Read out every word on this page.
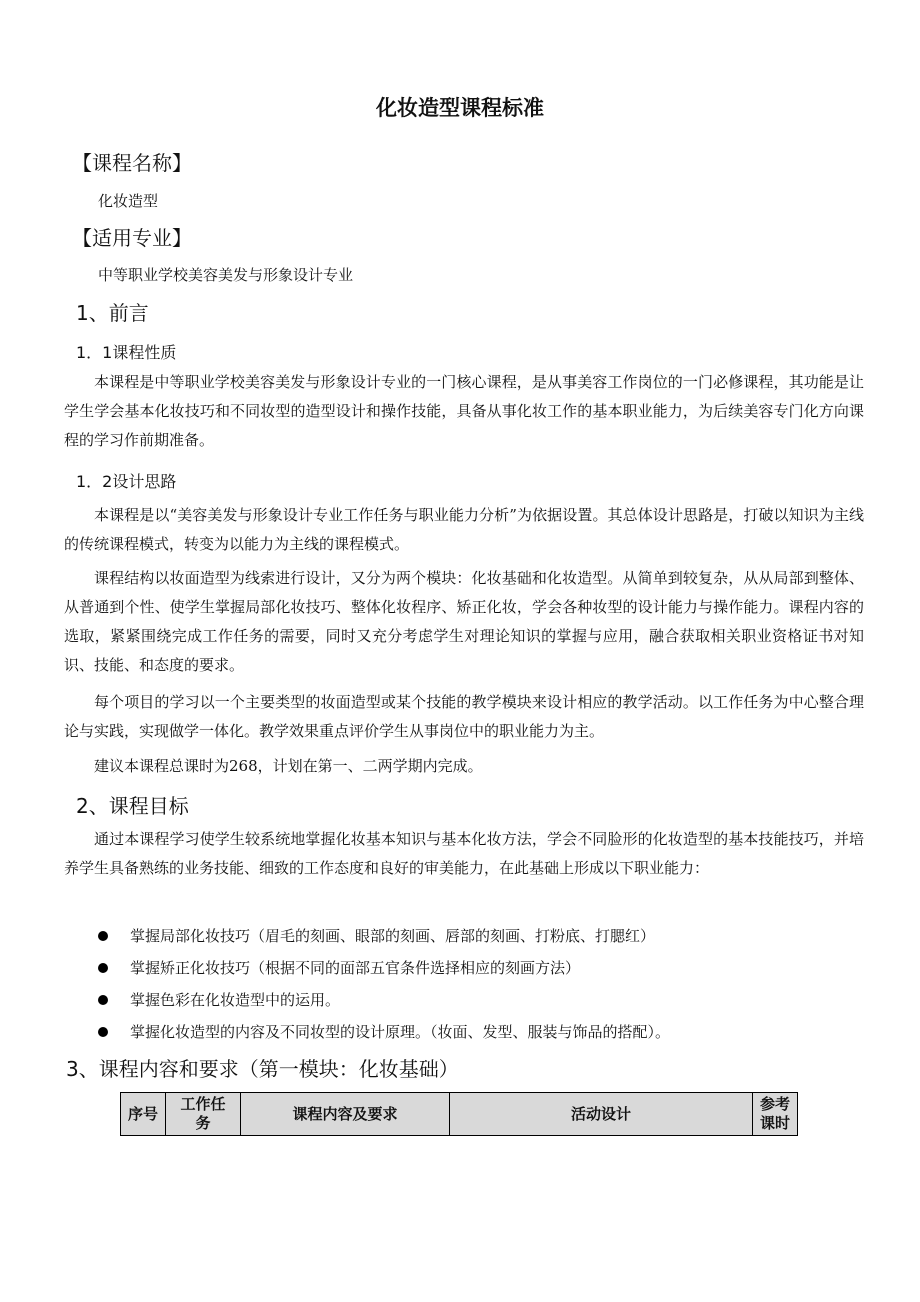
化妆造型课程标准
【课程名称】
化妆造型
【适用专业】
中等职业学校美容美发与形象设计专业
1、前言
1．1课程性质
本课程是中等职业学校美容美发与形象设计专业的一门核心课程，是从事美容工作岗位的一门必修课程，其功能是让学生学会基本化妆技巧和不同妆型的造型设计和操作技能，具备从事化妆工作的基本职业能力，为后续美容专门化方向课程的学习作前期准备。
1．2设计思路
本课程是以“美容美发与形象设计专业工作任务与职业能力分析”为依据设置。其总体设计思路是，打破以知识为主线的传统课程模式，转变为以能力为主线的课程模式。
课程结构以妆面造型为线索进行设计，又分为两个模块：化妆基础和化妆造型。从简单到较复杂，从从局部到整体、从普通到个性、使学生掌握局部化妆技巧、整体化妆程序、矫正化妆，学会各种妆型的设计能力与操作能力。课程内容的选取，紧紧围绕完成工作任务的需要，同时又充分考虑学生对理论知识的掌握与应用，融合获取相关职业资格证书对知识、技能、和态度的要求。
每个项目的学习以一个主要类型的妆面造型或某个技能的教学模块来设计相应的教学活动。以工作任务为中心整合理论与实践，实现做学一体化。教学效果重点评价学生从事岗位中的职业能力为主。
建议本课程总课时为268，计划在第一、二两学期内完成。
2、课程目标
通过本课程学习使学生较系统地掌握化妆基本知识与基本化妆方法，学会不同脸形的化妆造型的基本技能技巧，并培养学生具备熟练的业务技能、细致的工作态度和良好的审美能力，在此基础上形成以下职业能力：
掌握局部化妆技巧（眉毛的刻画、眼部的刻画、唇部的刻画、打粉底、打腮红）
掌握矫正化妆技巧（根据不同的面部五官条件选择相应的刻画方法）
掌握色彩在化妆造型中的运用。
掌握化妆造型的内容及不同妆型的设计原理。（妆面、发型、服装与饰品的搭配）。
3、课程内容和要求（第一模块：化妆基础）
序号	工作任务	课程内容及要求	活动设计	参考课时
